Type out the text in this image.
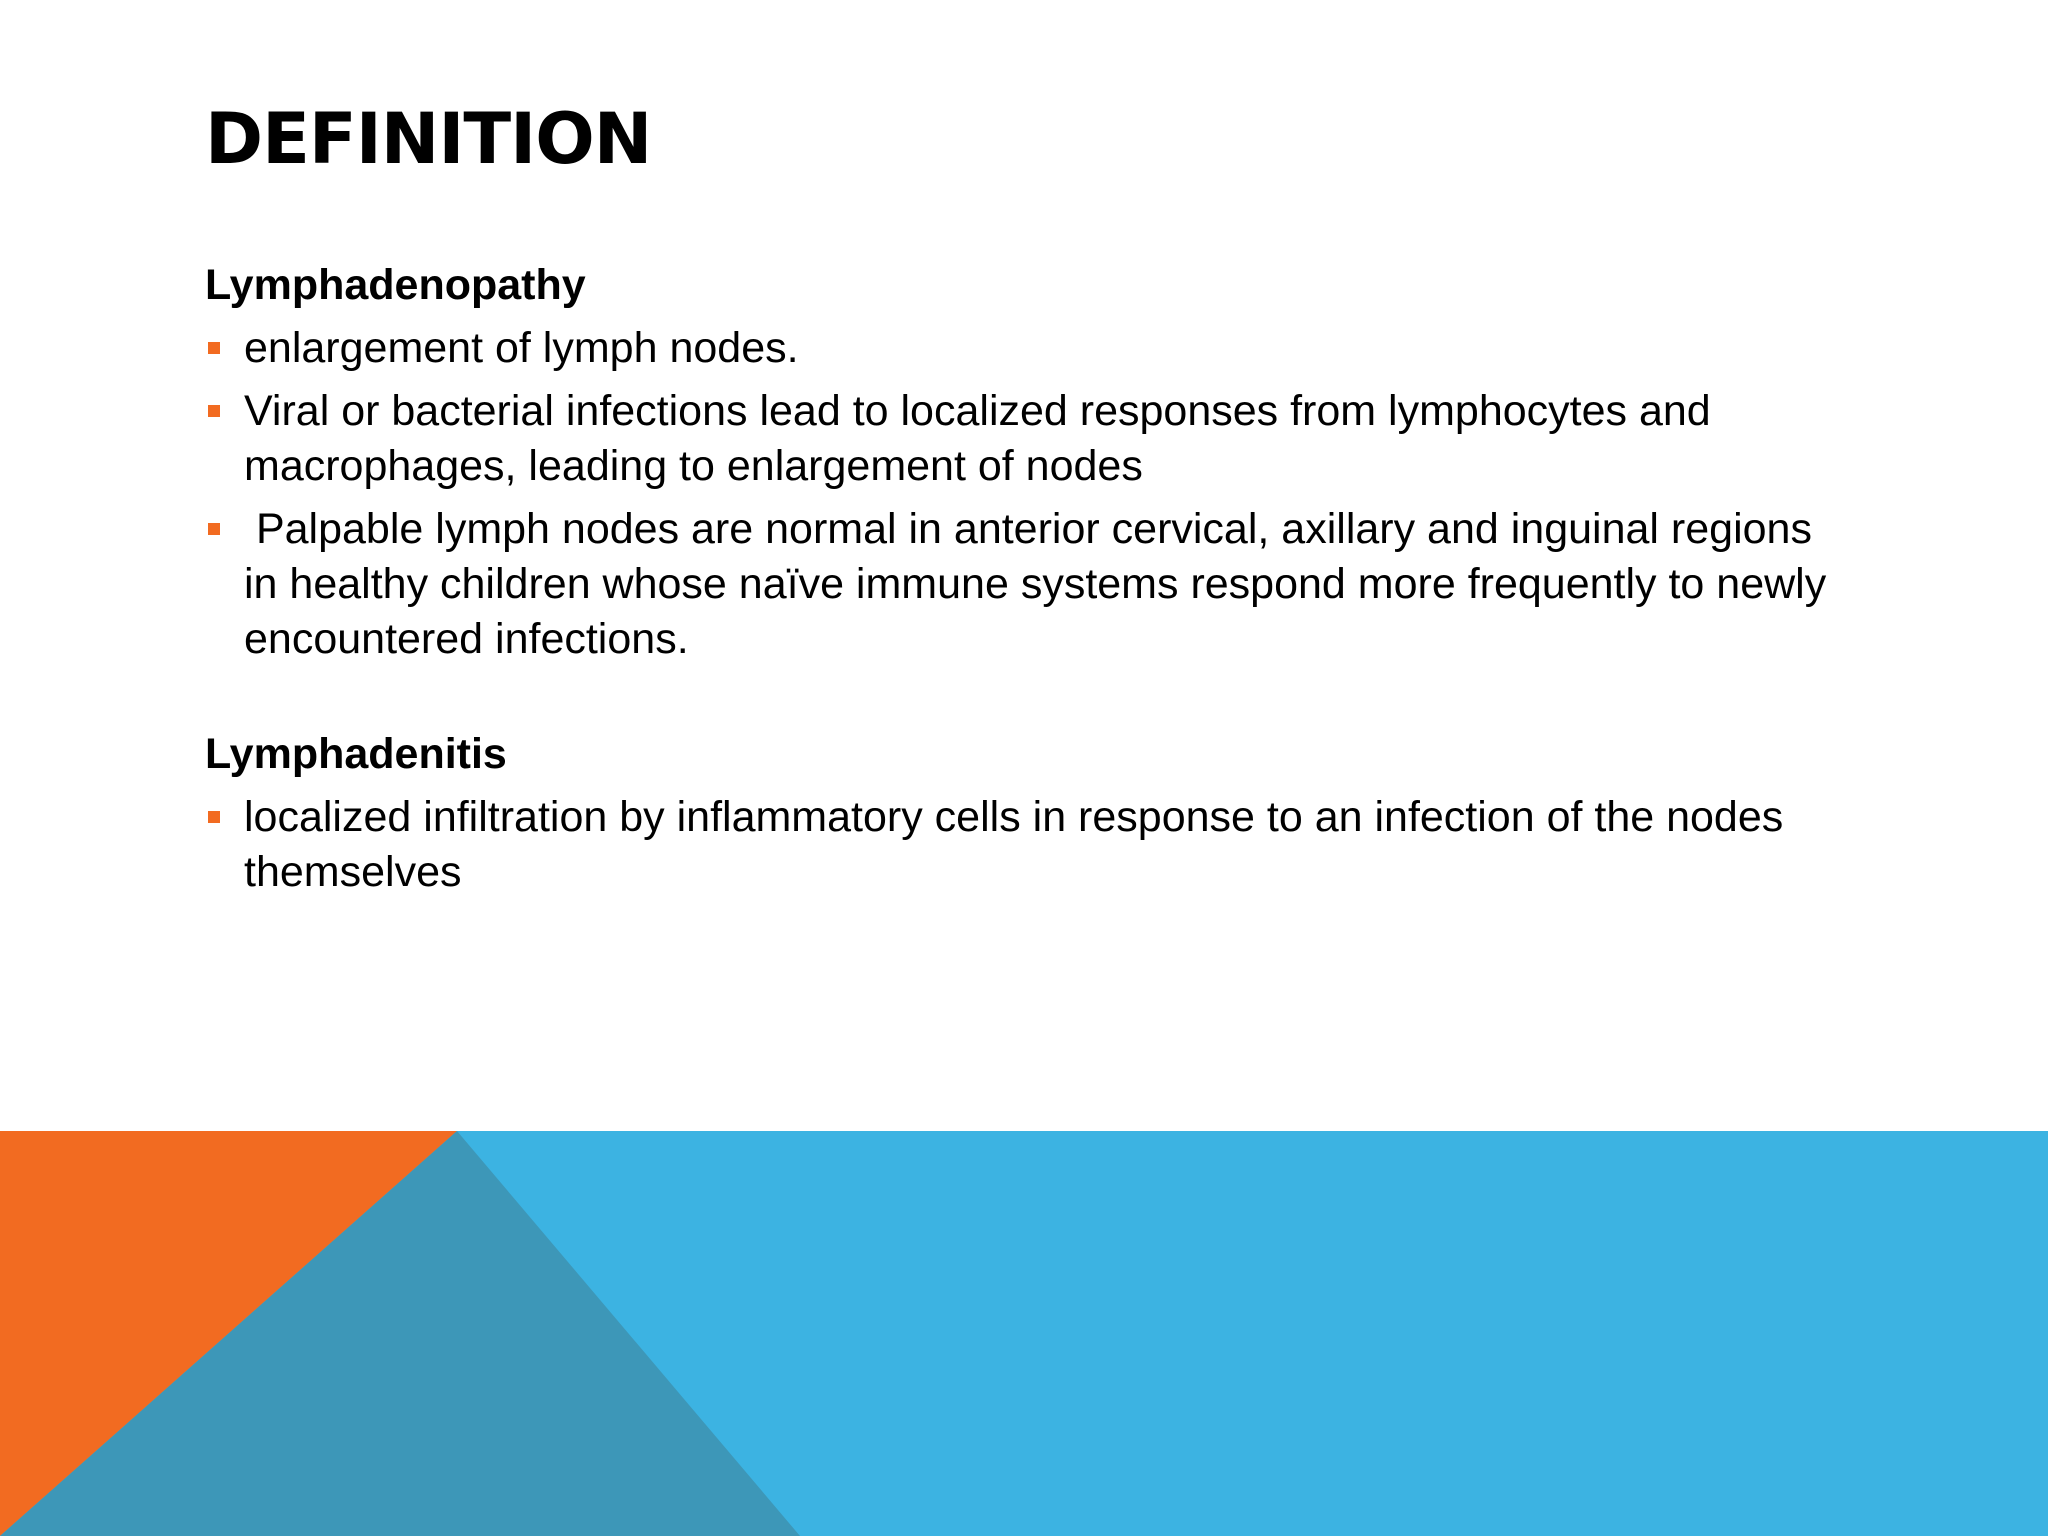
DEFINITION
Lymphadenopathy
enlargement of lymph nodes.
Viral or bacterial infections lead to localized responses from lymphocytes and macrophages, leading to enlargement of nodes
Palpable lymph nodes are normal in anterior cervical, axillary and inguinal regions in healthy children whose naïve immune systems respond more frequently to newly encountered infections.
Lymphadenitis
localized infiltration by inflammatory cells in response to an infection of the nodes themselves
